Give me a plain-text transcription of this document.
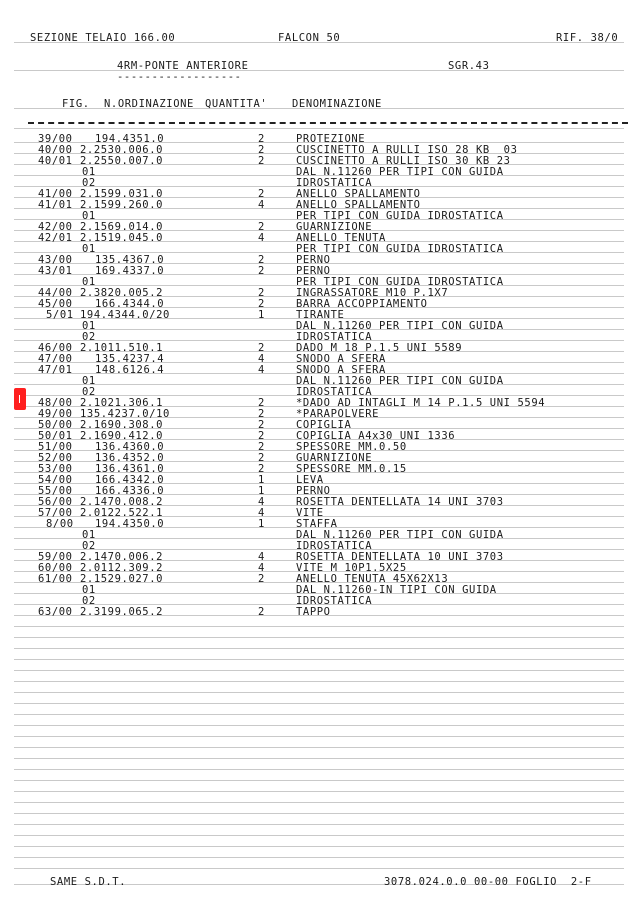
SEZIONE TELAIO 166.00	FALCON 50	RIF. 38/0
4RM-PONTE ANTERIORE
------------------
SGR.43
FIG. N.ORDINAZIONE QUANTITA' DENOMINAZIONE
39/00 194.4351.0	2	PROTEZIONE
40/00 2.2530.006.0	2	CUSCINETTO A RULLI ISO 28 KB  03
40/01 2.2550.007.0	2	CUSCINETTO A RULLI ISO 30 KB 23
01	DAL N.11260 PER TIPI CON GUIDA
02	IDROSTATICA
41/00 2.1599.031.0	2	ANELLO SPALLAMENTO
41/01 2.1599.260.0	4	ANELLO SPALLAMENTO
01	PER TIPI CON GUIDA IDROSTATICA
42/00 2.1569.014.0	2	GUARNIZIONE
42/01 2.1519.045.0	4	ANELLO TENUTA
01	PER TIPI CON GUIDA IDROSTATICA
43/00 135.4367.0	2	PERNO
43/01 169.4337.0	2	PERNO
01	PER TIPI CON GUIDA IDROSTATICA
44/00 2.3820.005.2	2	INGRASSATORE M10 P.1X7
45/00 166.4344.0	2	BARRA ACCOPPIAMENTO
5/01 194.4344.0/20	1	TIRANTE
01	DAL N.11260 PER TIPI CON GUIDA
02	IDROSTATICA
46/00 2.1011.510.1	2	DADO M 18 P.1.5 UNI 5589
47/00 135.4237.4	4	SNODO A SFERA
47/01 148.6126.4	4	SNODO A SFERA
01	DAL N.11260 PER TIPI CON GUIDA
02	IDROSTATICA
48/00 2.1021.306.1	2	*DADO AD INTAGLI M 14 P.1.5 UNI 5594
49/00 135.4237.0/10	2	*PARAPOLVERE
50/00 2.1690.308.0	2	COPIGLIA
50/01 2.1690.412.0	2	COPIGLIA A4x30 UNI 1336
51/00 136.4360.0	2	SPESSORE MM.0.50
52/00 136.4352.0	2	GUARNIZIONE
53/00 136.4361.0	2	SPESSORE MM.0.15
54/00 166.4342.0	1	LEVA
55/00 166.4336.0	1	PERNO
56/00 2.1470.008.2	4	ROSETTA DENTELLATA 14 UNI 3703
57/00 2.0122.522.1	4	VITE
8/00 194.4350.0	1	STAFFA
01	DAL N.11260 PER TIPI CON GUIDA
02	IDROSTATICA
59/00 2.1470.006.2	4	ROSETTA DENTELLATA 10 UNI 3703
60/00 2.0112.309.2	4	VITE M 10P1.5X25
61/00 2.1529.027.0	2	ANELLO TENUTA 45X62X13
01	DAL N.11260-IN TIPI CON GUIDA
02	IDROSTATICA
63/00 2.3199.065.2	2	TAPPO
SAME S.D.T.	3078.024.0.0 00-00 FOGLIO  2-F
